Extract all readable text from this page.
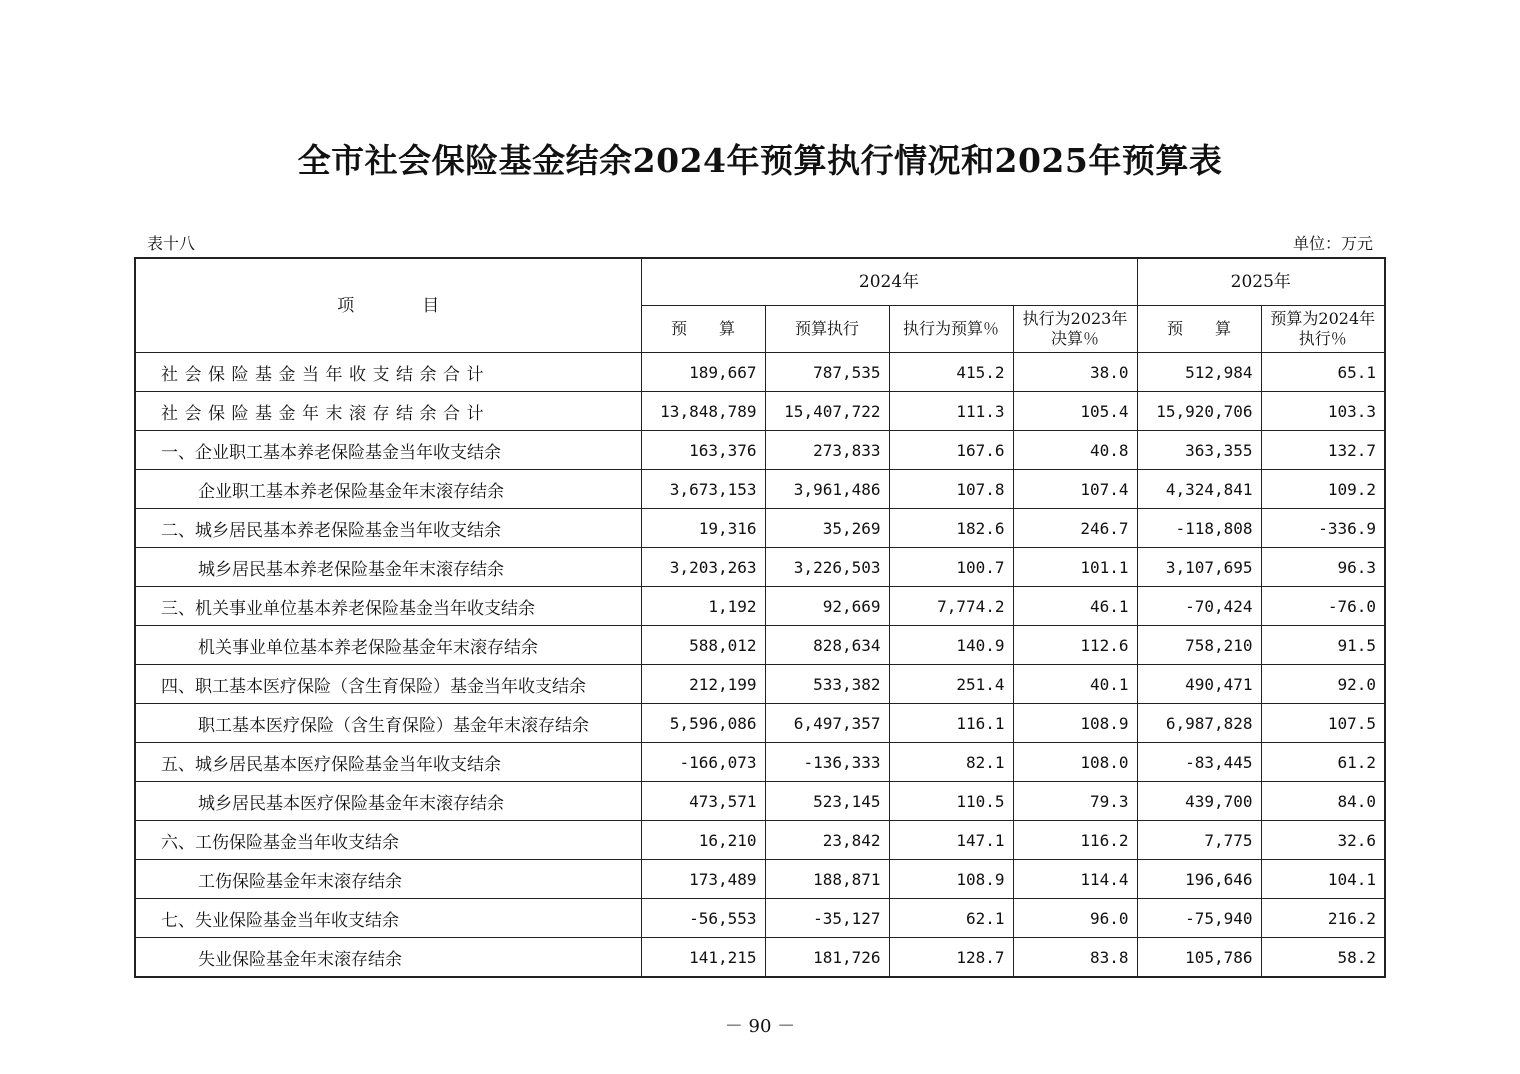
全市社会保险基金结余2024年预算执行情况和2025年预算表
表十八	单位：万元
项　　　　目	2024年				2025年	
	预　　算	预算执行	执行为预算％	执行为2023年决算％	预　　算	预算为2024年执行％
社会保险基金当年收支结余合计	189,667	787,535	415.2	38.0	512,984	65.1
社会保险基金年末滚存结余合计	13,848,789	15,407,722	111.3	105.4	15,920,706	103.3
一、企业职工基本养老保险基金当年收支结余	163,376	273,833	167.6	40.8	363,355	132.7
企业职工基本养老保险基金年末滚存结余	3,673,153	3,961,486	107.8	107.4	4,324,841	109.2
二、城乡居民基本养老保险基金当年收支结余	19,316	35,269	182.6	246.7	-118,808	-336.9
城乡居民基本养老保险基金年末滚存结余	3,203,263	3,226,503	100.7	101.1	3,107,695	96.3
三、机关事业单位基本养老保险基金当年收支结余	1,192	92,669	7,774.2	46.1	-70,424	-76.0
机关事业单位基本养老保险基金年末滚存结余	588,012	828,634	140.9	112.6	758,210	91.5
四、职工基本医疗保险（含生育保险）基金当年收支结余	212,199	533,382	251.4	40.1	490,471	92.0
职工基本医疗保险（含生育保险）基金年末滚存结余	5,596,086	6,497,357	116.1	108.9	6,987,828	107.5
五、城乡居民基本医疗保险基金当年收支结余	-166,073	-136,333	82.1	108.0	-83,445	61.2
城乡居民基本医疗保险基金年末滚存结余	473,571	523,145	110.5	79.3	439,700	84.0
六、工伤保险基金当年收支结余	16,210	23,842	147.1	116.2	7,775	32.6
工伤保险基金年末滚存结余	173,489	188,871	108.9	114.4	196,646	104.1
七、失业保险基金当年收支结余	-56,553	-35,127	62.1	96.0	-75,940	216.2
失业保险基金年末滚存结余	141,215	181,726	128.7	83.8	105,786	58.2
－ 90 －
